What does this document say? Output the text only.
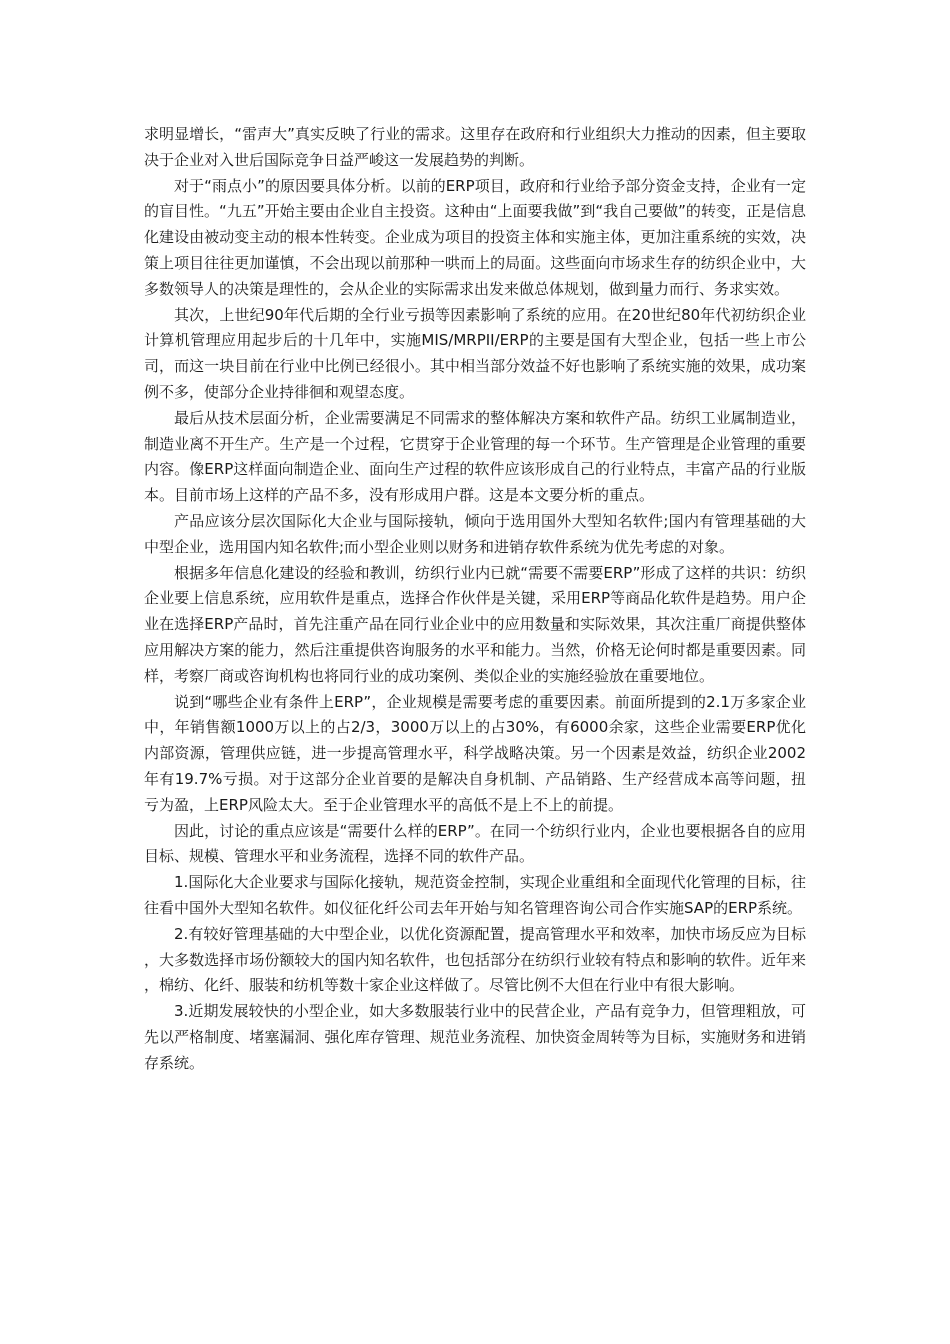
求明显增长，“雷声大”真实反映了行业的需求。这里存在政府和行业组织大力推动的因素，但主要取决于企业对入世后国际竞争日益严峻这一发展趋势的判断。

对于“雨点小”的原因要具体分析。以前的ERP项目，政府和行业给予部分资金支持，企业有一定的盲目性。“九五”开始主要由企业自主投资。这种由“上面要我做”到“我自己要做”的转变，正是信息化建设由被动变主动的根本性转变。企业成为项目的投资主体和实施主体，更加注重系统的实效，决策上项目往往更加谨慎，不会出现以前那种一哄而上的局面。这些面向市场求生存的纺织企业中，大多数领导人的决策是理性的，会从企业的实际需求出发来做总体规划，做到量力而行、务求实效。

其次，上世纪90年代后期的全行业亏损等因素影响了系统的应用。在20世纪80年代初纺织企业计算机管理应用起步后的十几年中，实施MIS/MRPII/ERP的主要是国有大型企业，包括一些上市公司，而这一块目前在行业中比例已经很小。其中相当部分效益不好也影响了系统实施的效果，成功案例不多，使部分企业持徘徊和观望态度。

最后从技术层面分析，企业需要满足不同需求的整体解决方案和软件产品。纺织工业属制造业，制造业离不开生产。生产是一个过程，它贯穿于企业管理的每一个环节。生产管理是企业管理的重要内容。像ERP这样面向制造企业、面向生产过程的软件应该形成自己的行业特点，丰富产品的行业版本。目前市场上这样的产品不多，没有形成用户群。这是本文要分析的重点。

产品应该分层次国际化大企业与国际接轨，倾向于选用国外大型知名软件;国内有管理基础的大中型企业，选用国内知名软件;而小型企业则以财务和进销存软件系统为优先考虑的对象。

根据多年信息化建设的经验和教训，纺织行业内已就“需要不需要ERP”形成了这样的共识：纺织企业要上信息系统，应用软件是重点，选择合作伙伴是关键，采用ERP等商品化软件是趋势。用户企业在选择ERP产品时，首先注重产品在同行业企业中的应用数量和实际效果，其次注重厂商提供整体应用解决方案的能力，然后注重提供咨询服务的水平和能力。当然，价格无论何时都是重要因素。同样，考察厂商或咨询机构也将同行业的成功案例、类似企业的实施经验放在重要地位。

说到“哪些企业有条件上ERP”，企业规模是需要考虑的重要因素。前面所提到的2.1万多家企业中，年销售额1000万以上的占2/3，3000万以上的占30%，有6000余家，这些企业需要ERP优化内部资源，管理供应链，进一步提高管理水平，科学战略决策。另一个因素是效益，纺织企业2002年有19.7%亏损。对于这部分企业首要的是解决自身机制、产品销路、生产经营成本高等问题，扭亏为盈，上ERP风险太大。至于企业管理水平的高低不是上不上的前提。

因此，讨论的重点应该是“需要什么样的ERP”。在同一个纺织行业内，企业也要根据各自的应用目标、规模、管理水平和业务流程，选择不同的软件产品。

1.国际化大企业要求与国际化接轨，规范资金控制，实现企业重组和全面现代化管理的目标，往往看中国外大型知名软件。如仪征化纤公司去年开始与知名管理咨询公司合作实施SAP的ERP系统。

2.有较好管理基础的大中型企业，以优化资源配置，提高管理水平和效率，加快市场反应为目标，大多数选择市场份额较大的国内知名软件，也包括部分在纺织行业较有特点和影响的软件。近年来，棉纺、化纤、服装和纺机等数十家企业这样做了。尽管比例不大但在行业中有很大影响。

3.近期发展较快的小型企业，如大多数服装行业中的民营企业，产品有竞争力，但管理粗放，可先以严格制度、堵塞漏洞、强化库存管理、规范业务流程、加快资金周转等为目标，实施财务和进销存系统。
